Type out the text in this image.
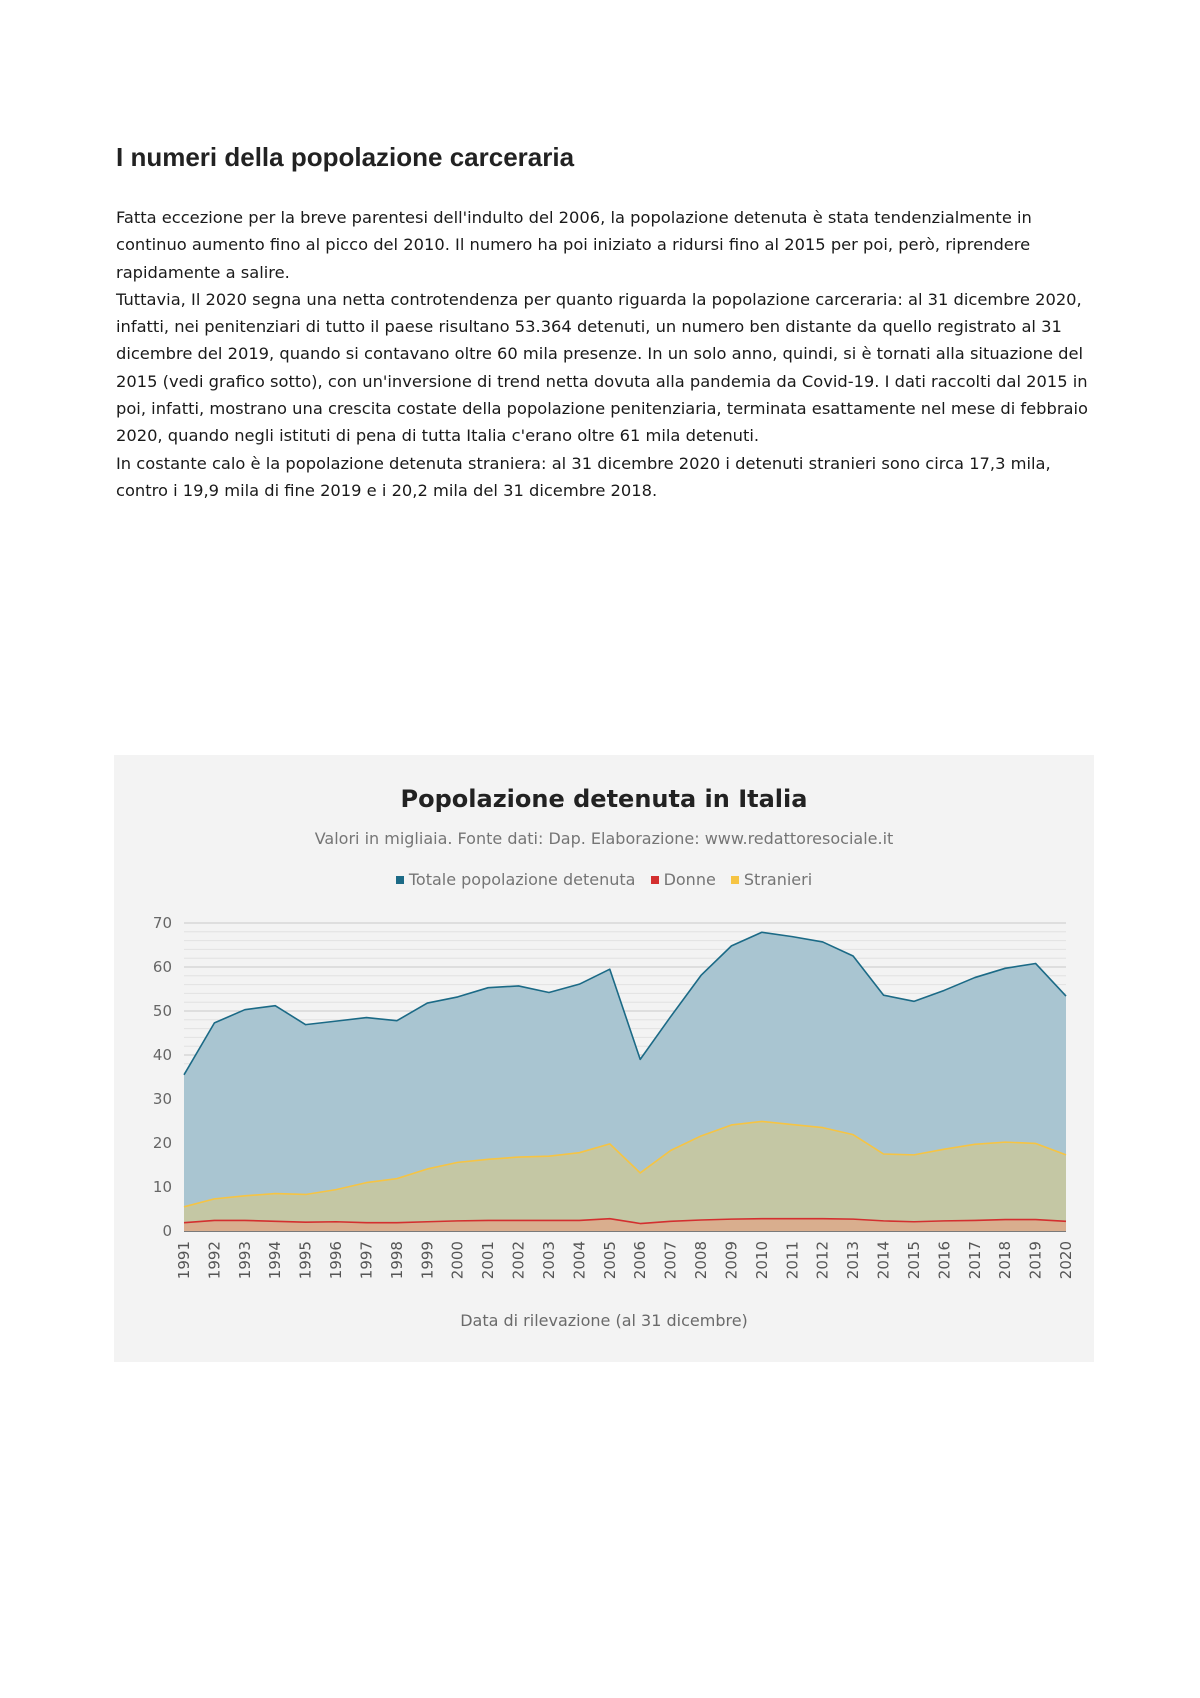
I numeri della popolazione carceraria

Fatta eccezione per la breve parentesi dell'indulto del 2006, la popolazione detenuta è stata tendenzialmente in continuo aumento fino al picco del 2010. Il numero ha poi iniziato a ridursi fino al 2015 per poi, però, riprendere rapidamente a salire.

Tuttavia, Il 2020 segna una netta controtendenza per quanto riguarda la popolazione carceraria: al 31 dicembre 2020, infatti, nei penitenziari di tutto il paese risultano 53.364 detenuti, un numero ben distante da quello registrato al 31 dicembre del 2019, quando si contavano oltre 60 mila presenze. In un solo anno, quindi, si è tornati alla situazione del 2015 (vedi grafico sotto), con un'inversione di trend netta dovuta alla pandemia da Covid-19. I dati raccolti dal 2015 in poi, infatti, mostrano una crescita costate della popolazione penitenziaria, terminata esattamente nel mese di febbraio 2020, quando negli istituti di pena di tutta Italia c'erano oltre 61 mila detenuti.

In costante calo è la popolazione detenuta straniera: al 31 dicembre 2020 i detenuti stranieri sono circa 17,3 mila, contro i 19,9 mila di fine 2019 e i 20,2 mila del 31 dicembre 2018.

0
10
20
30
40
50
60
70
1991 1992 1993 1994 1995 1996 1997 1998 1999 2000 2001 2002 2003 2004 2005 2006 2007 2008 2009 2010 2011 2012 2013 2014 2015 2016 2017 2018 2019 2020
Popolazione detenuta in Italia
Valori in migliaia. Fonte dati: Dap. Elaborazione: www.redattoresociale.it
Totale popolazione detenuta Donne Stranieri
Data di rilevazione (al 31 dicembre)
